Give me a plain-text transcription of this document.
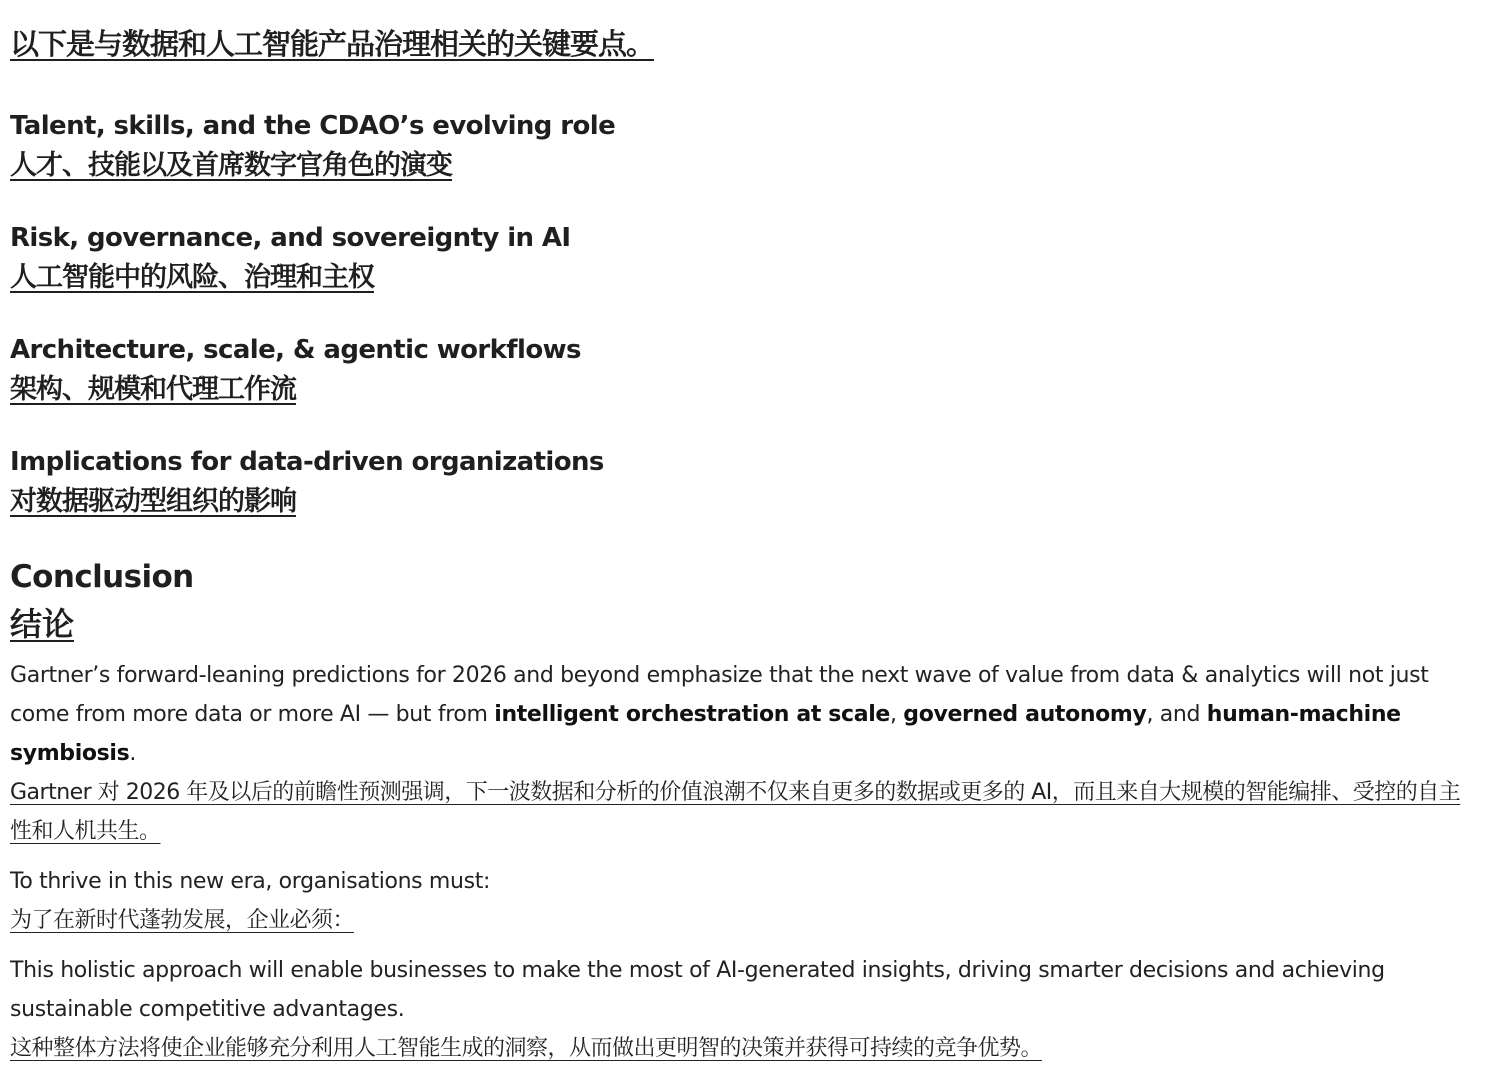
以下是与数据和人工智能产品治理相关的关键要点。
Talent, skills, and the CDAO’s evolving role
人才、技能以及首席数字官角色的演变
Risk, governance, and sovereignty in AI
人工智能中的风险、治理和主权
Architecture, scale, & agentic workflows
架构、规模和代理工作流
Implications for data-driven organizations
对数据驱动型组织的影响
Conclusion
结论

Gartner’s forward-leaning predictions for 2026 and beyond emphasize that the next wave of value from data & analytics will not just come from more data or more AI — but from intelligent orchestration at scale, governed autonomy, and human-machine symbiosis.

Gartner 对 2026 年及以后的前瞻性预测强调，下一波数据和分析的价值浪潮不仅来自更多的数据或更多的 AI，而且来自大规模的智能编排、受控的自主性和人机共生。

To thrive in this new era, organisations must:

为了在新时代蓬勃发展，企业必须：

This holistic approach will enable businesses to make the most of AI-generated insights, driving smarter decisions and achieving sustainable competitive advantages.

这种整体方法将使企业能够充分利用人工智能生成的洞察，从而做出更明智的决策并获得可持续的竞争优势。
